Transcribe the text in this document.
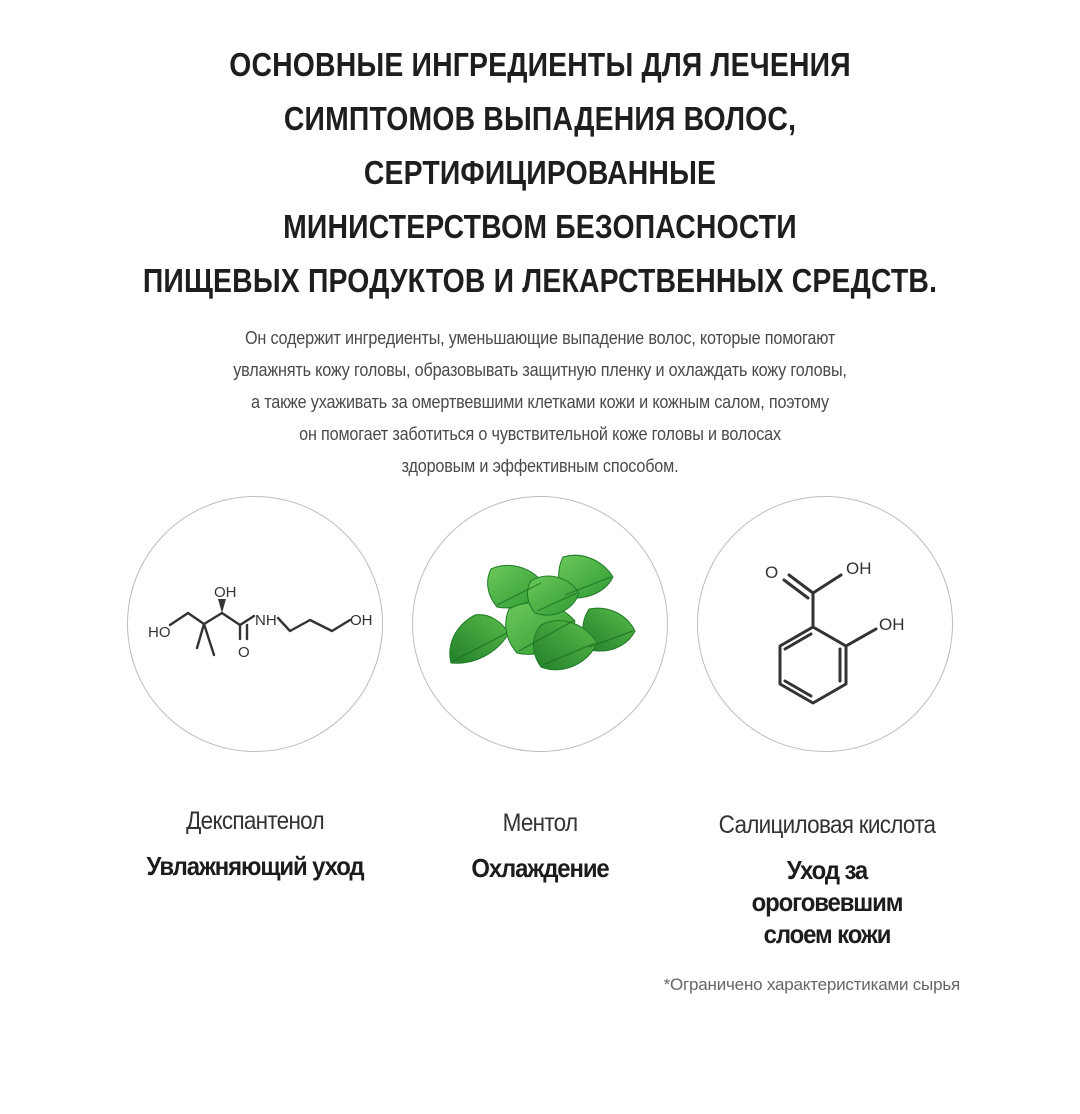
ОСНОВНЫЕ ИНГРЕДИЕНТЫ ДЛЯ ЛЕЧЕНИЯ
СИМПТОМОВ ВЫПАДЕНИЯ ВОЛОС,
СЕРТИФИЦИРОВАННЫЕ
МИНИСТЕРСТВОМ БЕЗОПАСНОСТИ
ПИЩЕВЫХ ПРОДУКТОВ И ЛЕКАРСТВЕННЫХ СРЕДСТВ.

Он содержит ингредиенты, уменьшающие выпадение волос, которые помогают
увлажнять кожу головы, образовывать защитную пленку и охлаждать кожу головы,
а также ухаживать за омертвевшими клетками кожи и кожным салом, поэтому
он помогает заботиться о чувствительной коже головы и волосах
здоровым и эффективным способом.

HO
OH
NH	OH
O
O	OH
OH
Декспантенол
Увлажняющий уход
Ментол
Охлаждение
Салициловая кислота
Уход за
ороговевшим
слоем кожи
*Ограничено характеристиками сырья
